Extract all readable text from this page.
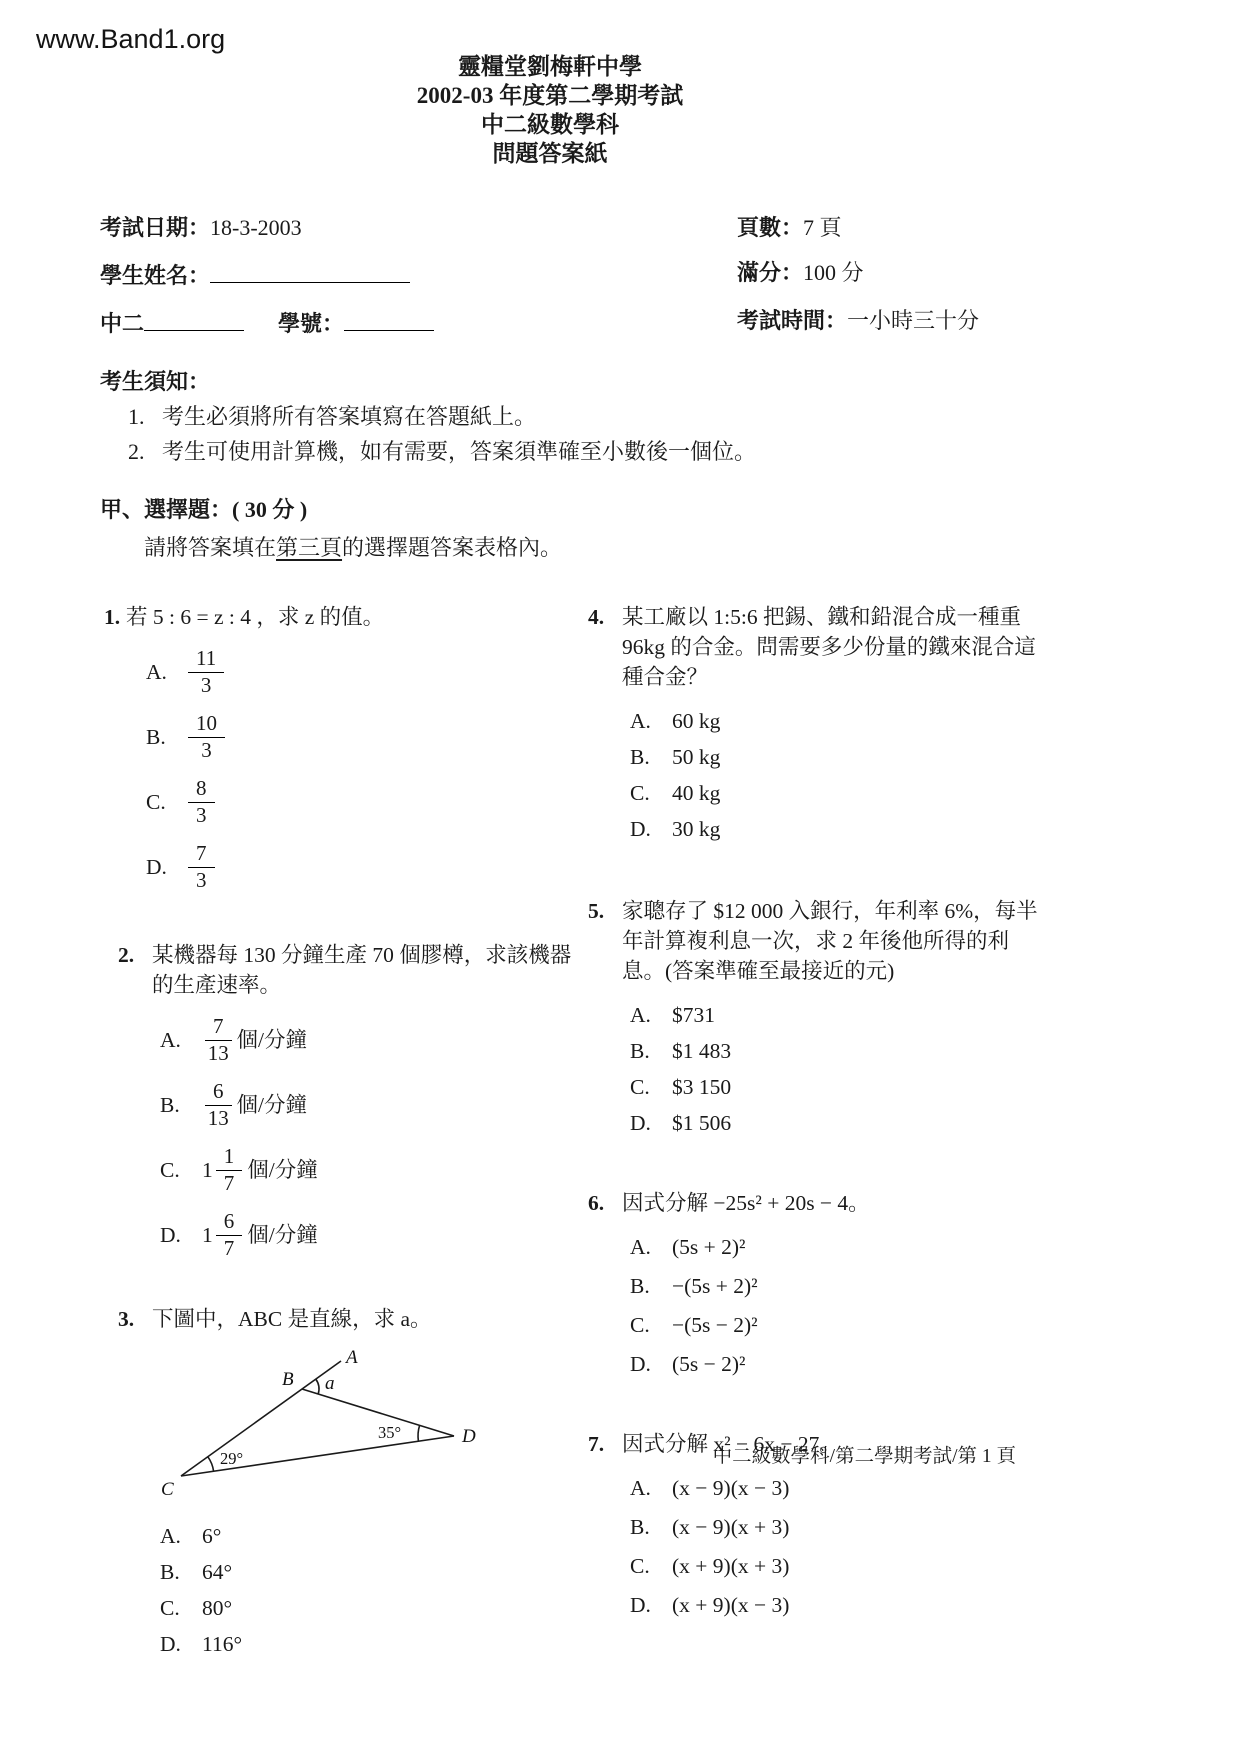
www.Band1.org
靈糧堂劉梅軒中學
2002-03 年度第二學期考試
中二級數學科
問題答案紙
考試日期：18-3-2003	頁數：7 頁
學生姓名：	滿分：100 分
中二	學號：	考試時間：一小時三十分
考生須知：
1. 考生必須將所有答案填寫在答題紙上。
2. 考生可使用計算機，如有需要，答案須準確至小數後一個位。
甲、選擇題：( 30 分 )
請將答案填在第三頁的選擇題答案表格內。
1. 若 5 : 6 = z : 4 ，求 z 的值。
A.	$\frac{11}{3}$
B.	$\frac{10}{3}$
C.	$\frac{8}{3}$
D.	$\frac{7}{3}$
2. 某機器每 130 分鐘生產 70 個膠樽，求該機器的生產速率。
A.	$\frac{7}{13}$ 個/分鐘
B.	$\frac{6}{13}$ 個/分鐘
C.	$1 \frac{1}{7}$ 個/分鐘
D. $1 \frac{6}{7}$ 個/分鐘
3. 下圖中，ABC 是直線，求 a。
A
B
C
D
a
35°
29°
A. 6°
B.	64°
C.	80°
D. 116°
4. 某工廠以 1:5:6 把錫、鐵和鉛混合成一種重 96kg 的合金。問需要多少份量的鐵來混合這種合金？
A. 60 kg
B.	50 kg
C.	40 kg
D. 30 kg
5. 家聰存了 $12 000 入銀行，年利率 6%，每半年計算複利息一次，求 2 年後他所得的利息。(答案準確至最接近的元)
A. $731
B.	$1 483
C.	$3 150
D. $1 506
6. 因式分解 −25s² + 20s − 4。
A. (5s + 2)²
B.	−(5s + 2)²
C.	−(5s − 2)²
D. (5s − 2)²
7. 因式分解 x² − 6x − 27。
A. (x − 9)(x − 3)
B.	(x − 9)(x + 3)
C.	(x + 9)(x + 3)
D. (x + 9)(x − 3)
中二級數學科/第二學期考試/第 1 頁
